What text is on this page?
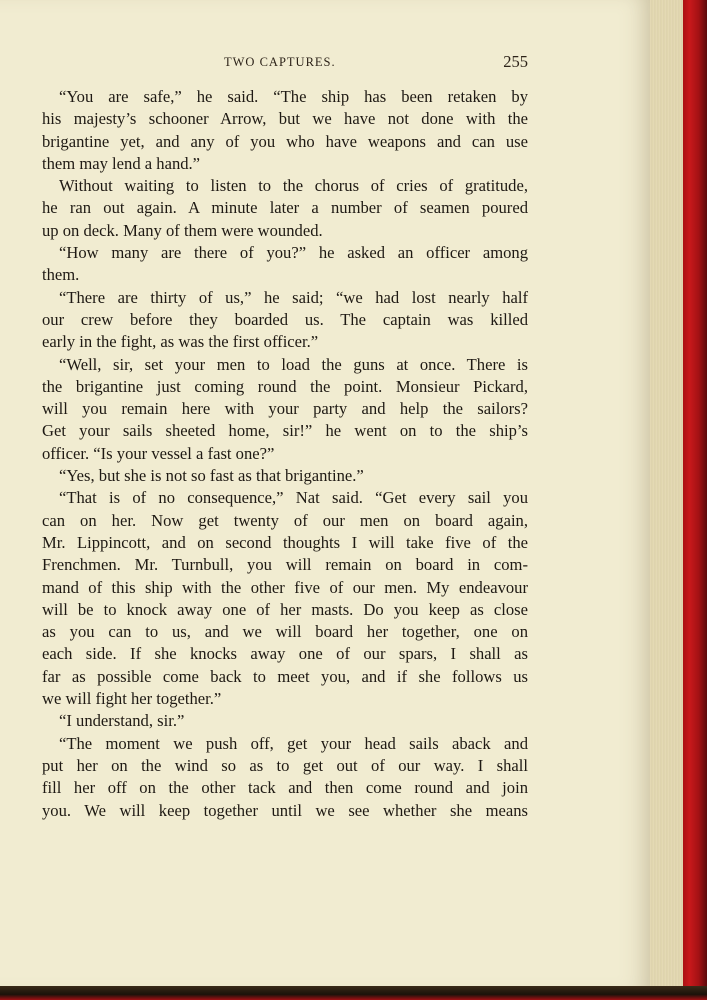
TWO CAPTURES.	255
“You are safe,” he said. “The ship has been retaken by
his majesty’s schooner Arrow, but we have not done with the
brigantine yet, and any of you who have weapons and can use
them may lend a hand.”
Without waiting to listen to the chorus of cries of gratitude,
he ran out again. A minute later a number of seamen poured
up on deck. Many of them were wounded.
“How many are there of you?” he asked an officer among
them.
“There are thirty of us,” he said; “we had lost nearly half
our crew before they boarded us. The captain was killed
early in the fight, as was the first officer.”
“Well, sir, set your men to load the guns at once. There is
the brigantine just coming round the point. Monsieur Pickard,
will you remain here with your party and help the sailors?
Get your sails sheeted home, sir!” he went on to the ship’s
officer. “Is your vessel a fast one?”
“Yes, but she is not so fast as that brigantine.”
“That is of no consequence,” Nat said. “Get every sail you
can on her. Now get twenty of our men on board again,
Mr. Lippincott, and on second thoughts I will take five of the
Frenchmen. Mr. Turnbull, you will remain on board in com-
mand of this ship with the other five of our men. My endeavour
will be to knock away one of her masts. Do you keep as close
as you can to us, and we will board her together, one on
each side. If she knocks away one of our spars, I shall as
far as possible come back to meet you, and if she follows us
we will fight her together.”
“I understand, sir.”
“The moment we push off, get your head sails aback and
put her on the wind so as to get out of our way. I shall
fill her off on the other tack and then come round and join
you. We will keep together until we see whether she means
